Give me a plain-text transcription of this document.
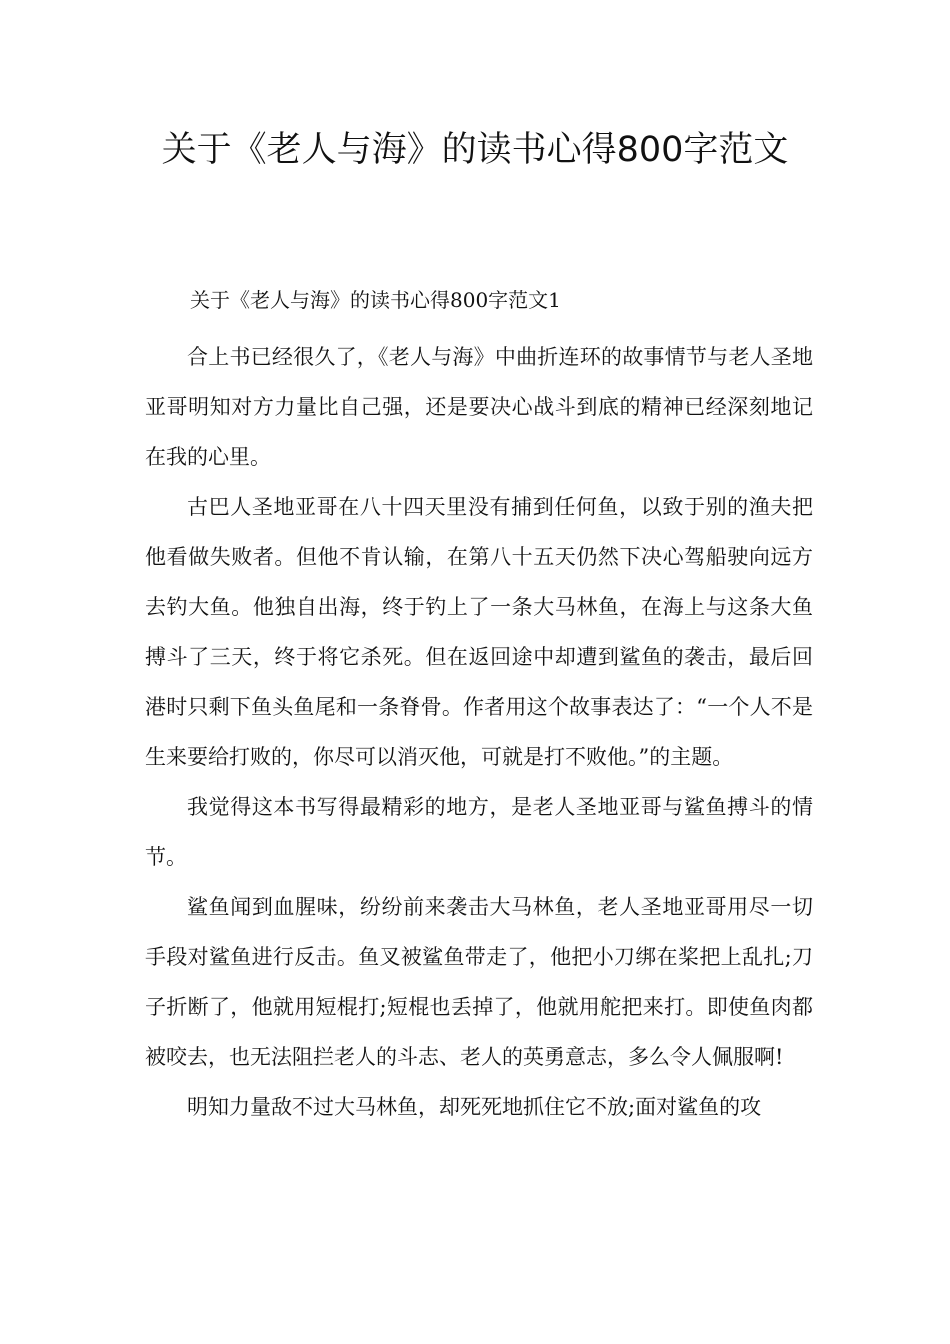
关于《老人与海》的读书心得800字范文

关于《老人与海》的读书心得800字范文1

合上书已经很久了，《老人与海》中曲折连环的故事情节与老人圣地亚哥明知对方力量比自己强，还是要决心战斗到底的精神已经深刻地记在我的心里。

古巴人圣地亚哥在八十四天里没有捕到任何鱼，以致于别的渔夫把他看做失败者。但他不肯认输，在第八十五天仍然下决心驾船驶向远方去钓大鱼。他独自出海，终于钓上了一条大马林鱼，在海上与这条大鱼搏斗了三天，终于将它杀死。但在返回途中却遭到鲨鱼的袭击，最后回港时只剩下鱼头鱼尾和一条脊骨。作者用这个故事表达了：“一个人不是生来要给打败的，你尽可以消灭他，可就是打不败他。”的主题。

我觉得这本书写得最精彩的地方，是老人圣地亚哥与鲨鱼搏斗的情节。

鲨鱼闻到血腥味，纷纷前来袭击大马林鱼，老人圣地亚哥用尽一切手段对鲨鱼进行反击。鱼叉被鲨鱼带走了，他把小刀绑在桨把上乱扎;刀子折断了，他就用短棍打;短棍也丢掉了，他就用舵把来打。即使鱼肉都被咬去，也无法阻拦老人的斗志、老人的英勇意志，多么令人佩服啊!

明知力量敌不过大马林鱼，却死死地抓住它不放;面对鲨鱼的攻
